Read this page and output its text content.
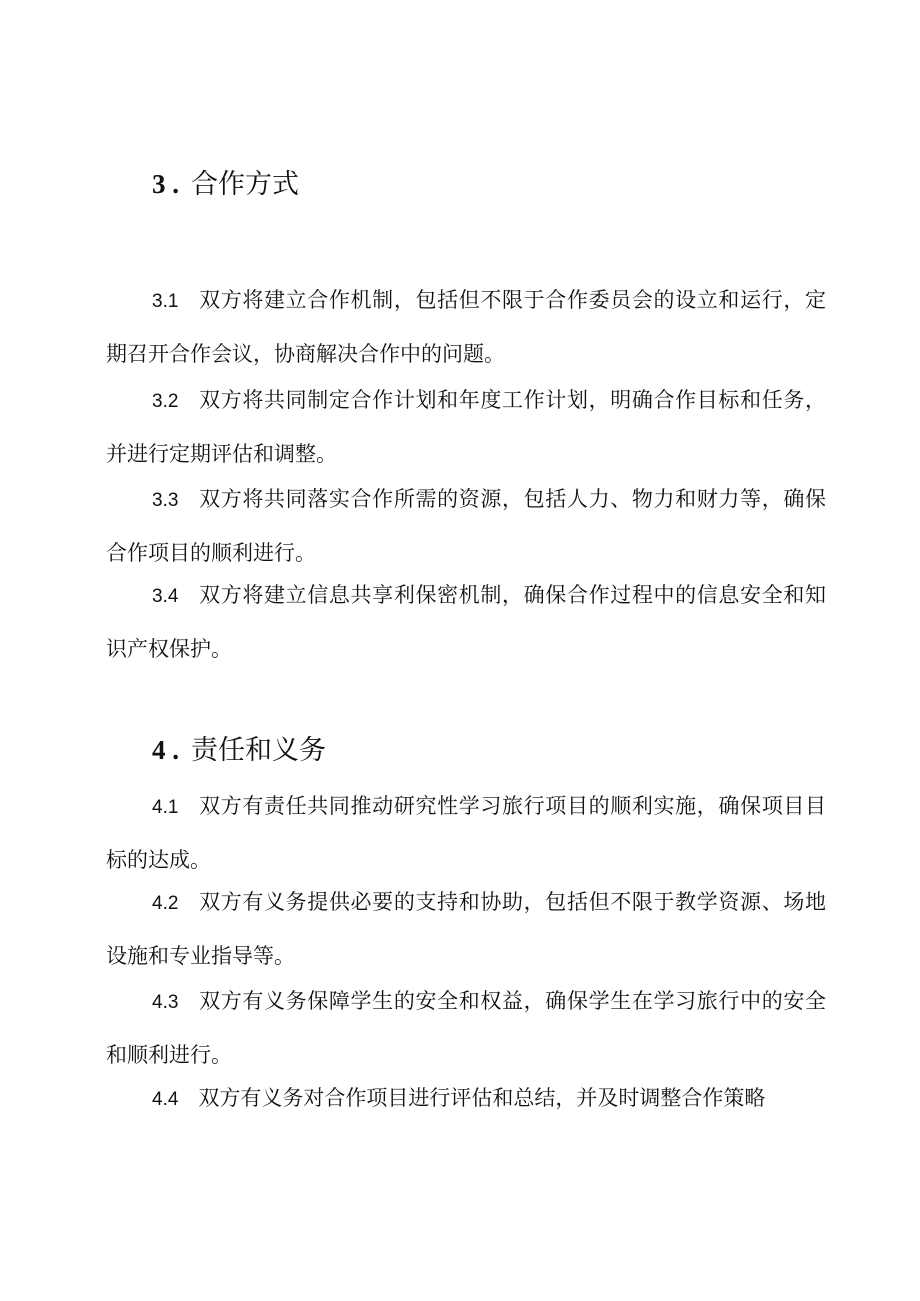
3 . 合作方式
3.1 双方将建立合作机制，包括但不限于合作委员会的设立和运行，定期召开合作会议，协商解决合作中的问题。
3.2 双方将共同制定合作计划和年度工作计划，明确合作目标和任务，并进行定期评估和调整。
3.3 双方将共同落实合作所需的资源，包括人力、物力和财力等，确保合作项目的顺利进行。
3.4 双方将建立信息共享利保密机制，确保合作过程中的信息安全和知识产权保护。
4 . 责任和义务
4.1 双方有责任共同推动研究性学习旅行项目的顺利实施，确保项目目标的达成。
4.2 双方有义务提供必要的支持和协助，包括但不限于教学资源、场地设施和专业指导等。
4.3 双方有义务保障学生的安全和权益，确保学生在学习旅行中的安全和顺利进行。
4.4 双方有义务对合作项目进行评估和总结，并及时调整合作策略
